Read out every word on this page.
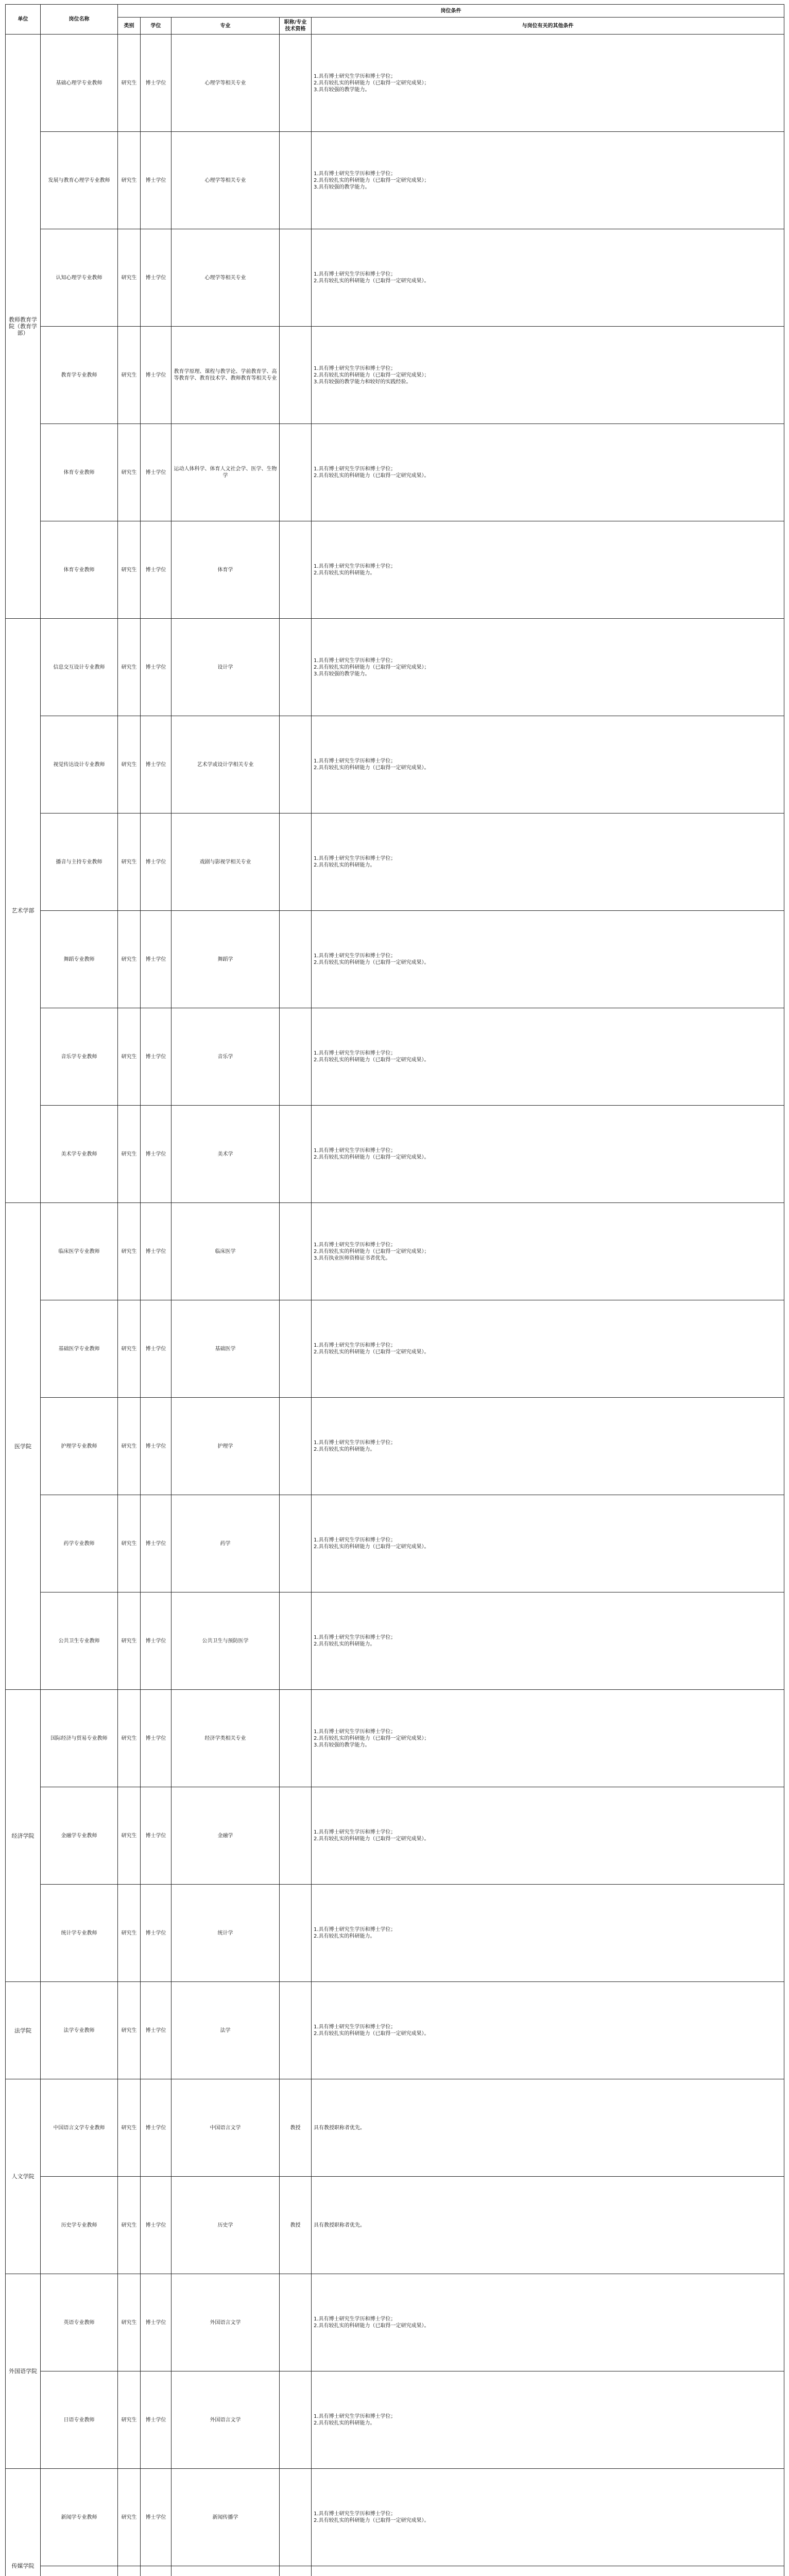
单位	岗位名称	岗位条件				
		类别	学位	专业	职称/专业技术资格	与岗位有关的其他条件
教师教育学院（教育学部）	基础心理学专业教师	研究生	博士学位	心理学等相关专业		1.具有博士研究生学历和博士学位；
2.具有较扎实的科研能力（已取得一定研究成果）；
3.具有较强的教学能力。
	发展与教育心理学专业教师	研究生	博士学位	心理学等相关专业		1.具有博士研究生学历和博士学位；
2.具有较扎实的科研能力（已取得一定研究成果）；
3.具有较强的教学能力。
	认知心理学专业教师	研究生	博士学位	心理学等相关专业		1.具有博士研究生学历和博士学位；
2.具有较扎实的科研能力（已取得一定研究成果）。
	教育学专业教师	研究生	博士学位	教育学原理、课程与教学论、学前教育学、高等教育学、教育技术学、教师教育等相关专业		1.具有博士研究生学历和博士学位；
2.具有较扎实的科研能力（已取得一定研究成果）；
3.具有较强的教学能力和较好的实践经验。
	体育专业教师	研究生	博士学位	运动人体科学、体育人文社会学、医学、生物学		1.具有博士研究生学历和博士学位；
2.具有较扎实的科研能力（已取得一定研究成果）。
	体育专业教师	研究生	博士学位	体育学		1.具有博士研究生学历和博士学位；
2.具有较扎实的科研能力。
艺术学部	信息交互设计专业教师	研究生	博士学位	设计学		1.具有博士研究生学历和博士学位；
2.具有较扎实的科研能力（已取得一定研究成果）；
3.具有较强的教学能力。
	视觉传达设计专业教师	研究生	博士学位	艺术学或设计学相关专业		1.具有博士研究生学历和博士学位；
2.具有较扎实的科研能力（已取得一定研究成果）。
	播音与主持专业教师	研究生	博士学位	戏剧与影视学相关专业		1.具有博士研究生学历和博士学位；
2.具有较扎实的科研能力。
	舞蹈专业教师	研究生	博士学位	舞蹈学		1.具有博士研究生学历和博士学位；
2.具有较扎实的科研能力（已取得一定研究成果）。
	音乐学专业教师	研究生	博士学位	音乐学		1.具有博士研究生学历和博士学位；
2.具有较扎实的科研能力（已取得一定研究成果）。
	美术学专业教师	研究生	博士学位	美术学		1.具有博士研究生学历和博士学位；
2.具有较扎实的科研能力（已取得一定研究成果）。
医学院	临床医学专业教师	研究生	博士学位	临床医学		1.具有博士研究生学历和博士学位；
2.具有较扎实的科研能力（已取得一定研究成果）；
3.具有执业医师资格证书者优先。
	基础医学专业教师	研究生	博士学位	基础医学		1.具有博士研究生学历和博士学位；
2.具有较扎实的科研能力（已取得一定研究成果）。
	护理学专业教师	研究生	博士学位	护理学		1.具有博士研究生学历和博士学位；
2.具有较扎实的科研能力。
	药学专业教师	研究生	博士学位	药学		1.具有博士研究生学历和博士学位；
2.具有较扎实的科研能力（已取得一定研究成果）。
	公共卫生专业教师	研究生	博士学位	公共卫生与预防医学		1.具有博士研究生学历和博士学位；
2.具有较扎实的科研能力。
经济学院	国际经济与贸易专业教师	研究生	博士学位	经济学类相关专业		1.具有博士研究生学历和博士学位；
2.具有较扎实的科研能力（已取得一定研究成果）；
3.具有较强的教学能力。
	金融学专业教师	研究生	博士学位	金融学		1.具有博士研究生学历和博士学位；
2.具有较扎实的科研能力（已取得一定研究成果）。
	统计学专业教师	研究生	博士学位	统计学		1.具有博士研究生学历和博士学位；
2.具有较扎实的科研能力。
法学院	法学专业教师	研究生	博士学位	法学		1.具有博士研究生学历和博士学位；
2.具有较扎实的科研能力（已取得一定研究成果）。
人文学院	中国语言文学专业教师	研究生	博士学位	中国语言文学	教授	具有教授职称者优先。
	历史学专业教师	研究生	博士学位	历史学	教授	具有教授职称者优先。
外国语学院	英语专业教师	研究生	博士学位	外国语言文学		1.具有博士研究生学历和博士学位；
2.具有较扎实的科研能力（已取得一定研究成果）。
	日语专业教师	研究生	博士学位	外国语言文学		1.具有博士研究生学历和博士学位；
2.具有较扎实的科研能力。
传媒学院	新闻学专业教师	研究生	博士学位	新闻传播学		1.具有博士研究生学历和博士学位；
2.具有较扎实的科研能力（已取得一定研究成果）。
